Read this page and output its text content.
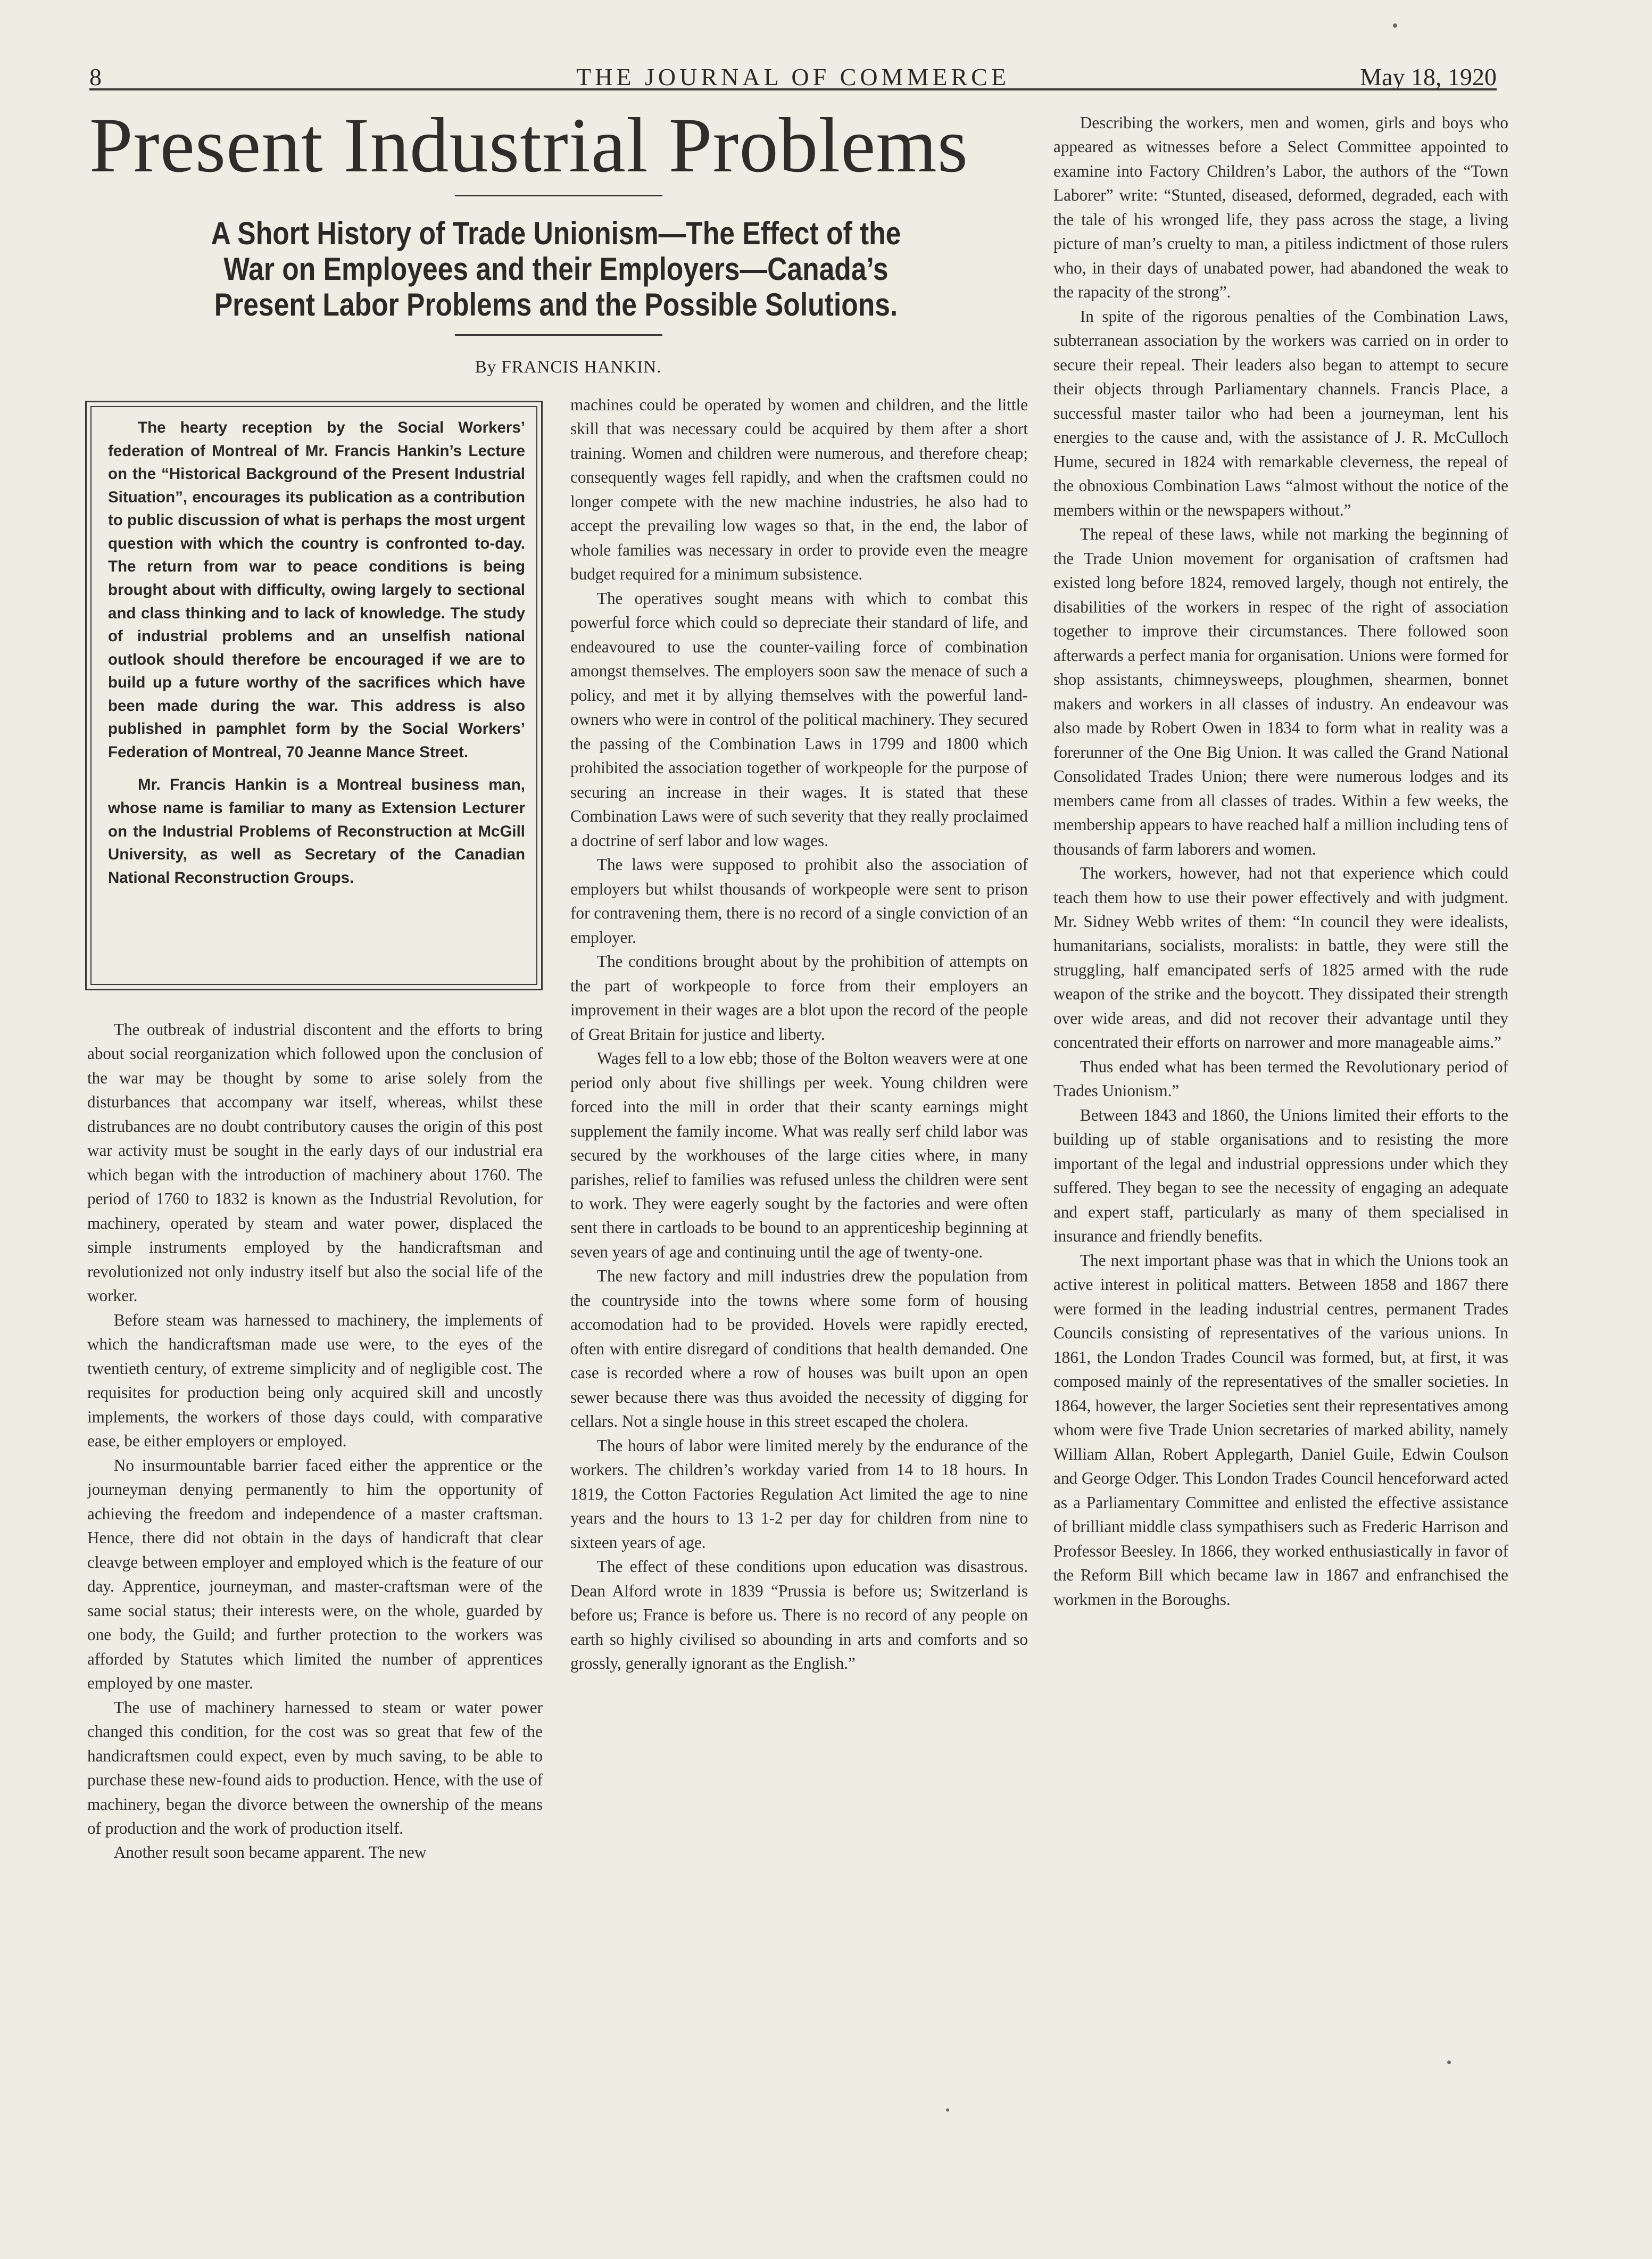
8	THE JOURNAL OF COMMERCE	May 18, 1920
Present Industrial Problems
A Short History of Trade Unionism—The Effect of the War on Employees and their Employers—Canada’s Present Labor Problems and the Possible Solutions.
By FRANCIS HANKIN.

The hearty reception by the Social Workers’ federation of Montreal of Mr. Francis Hankin’s Lecture on the “Historical Background of the Present Industrial Situation”, encourages its publication as a contribution to public discussion of what is perhaps the most urgent question with which the country is confronted to-day. The return from war to peace conditions is being brought about with difficulty, owing largely to sectional and class thinking and to lack of knowledge. The study of industrial problems and an unselfish national outlook should therefore be encouraged if we are to build up a future worthy of the sacrifices which have been made during the war. This address is also published in pamphlet form by the Social Workers’ Federation of Montreal, 70 Jeanne Mance Street.

Mr. Francis Hankin is a Montreal business man, whose name is familiar to many as Extension Lecturer on the Industrial Problems of Reconstruction at McGill University, as well as Secretary of the Canadian National Reconstruction Groups.

The outbreak of industrial discontent and the efforts to bring about social reorganization which followed upon the conclusion of the war may be thought by some to arise solely from the disturbances that accompany war itself, whereas, whilst these distrubances are no doubt contributory causes the origin of this post war activity must be sought in the early days of our industrial era which began with the introduction of machinery about 1760. The period of 1760 to 1832 is known as the Industrial Revolution, for machinery, operated by steam and water power, displaced the simple instruments employed by the handicraftsman and revolutionized not only industry itself but also the social life of the worker.

Before steam was harnessed to machinery, the implements of which the handicraftsman made use were, to the eyes of the twentieth century, of extreme simplicity and of negligible cost. The requisites for production being only acquired skill and uncostly implements, the workers of those days could, with comparative ease, be either employers or employed.

No insurmountable barrier faced either the apprentice or the journeyman denying permanently to him the opportunity of achieving the freedom and independence of a master craftsman. Hence, there did not obtain in the days of handicraft that clear cleavge between employer and employed which is the feature of our day. Apprentice, journeyman, and master-craftsman were of the same social status; their interests were, on the whole, guarded by one body, the Guild; and further protection to the workers was afforded by Statutes which limited the number of apprentices employed by one master.

The use of machinery harnessed to steam or water power changed this condition, for the cost was so great that few of the handicraftsmen could expect, even by much saving, to be able to purchase these new-found aids to production. Hence, with the use of machinery, began the divorce between the ownership of the means of production and the work of production itself.

Another result soon became apparent. The new

machines could be operated by women and children, and the little skill that was necessary could be acquired by them after a short training. Women and children were numerous, and therefore cheap; consequently wages fell rapidly, and when the craftsmen could no longer compete with the new machine industries, he also had to accept the prevailing low wages so that, in the end, the labor of whole families was necessary in order to provide even the meagre budget required for a minimum subsistence.

The operatives sought means with which to combat this powerful force which could so depreciate their standard of life, and endeavoured to use the counter-vailing force of combination amongst themselves. The employers soon saw the menace of such a policy, and met it by allying themselves with the powerful land-owners who were in control of the political machinery. They secured the passing of the Combination Laws in 1799 and 1800 which prohibited the association together of workpeople for the purpose of securing an increase in their wages. It is stated that these Combination Laws were of such severity that they really proclaimed a doctrine of serf labor and low wages.

The laws were supposed to prohibit also the association of employers but whilst thousands of workpeople were sent to prison for contravening them, there is no record of a single conviction of an employer.

The conditions brought about by the prohibition of attempts on the part of workpeople to force from their employers an improvement in their wages are a blot upon the record of the people of Great Britain for justice and liberty.

Wages fell to a low ebb; those of the Bolton weavers were at one period only about five shillings per week. Young children were forced into the mill in order that their scanty earnings might supplement the family income. What was really serf child labor was secured by the workhouses of the large cities where, in many parishes, relief to families was refused unless the children were sent to work. They were eagerly sought by the factories and were often sent there in cartloads to be bound to an apprenticeship beginning at seven years of age and continuing until the age of twenty-one.

The new factory and mill industries drew the population from the countryside into the towns where some form of housing accomodation had to be provided. Hovels were rapidly erected, often with entire disregard of conditions that health demanded. One case is recorded where a row of houses was built upon an open sewer because there was thus avoided the necessity of digging for cellars. Not a single house in this street escaped the cholera.

The hours of labor were limited merely by the endurance of the workers. The children’s workday varied from 14 to 18 hours. In 1819, the Cotton Factories Regulation Act limited the age to nine years and the hours to 13 1-2 per day for children from nine to sixteen years of age.

The effect of these conditions upon education was disastrous. Dean Alford wrote in 1839 “Prussia is before us; Switzerland is before us; France is before us. There is no record of any people on earth so highly civilised so abounding in arts and comforts and so grossly, generally ignorant as the English.”

Describing the workers, men and women, girls and boys who appeared as witnesses before a Select Committee appointed to examine into Factory Children’s Labor, the authors of the “Town Laborer” write: “Stunted, diseased, deformed, degraded, each with the tale of his wronged life, they pass across the stage, a living picture of man’s cruelty to man, a pitiless indictment of those rulers who, in their days of unabated power, had abandoned the weak to the rapacity of the strong”.

In spite of the rigorous penalties of the Combination Laws, subterranean association by the workers was carried on in order to secure their repeal. Their leaders also began to attempt to secure their objects through Parliamentary channels. Francis Place, a successful master tailor who had been a journeyman, lent his energies to the cause and, with the assistance of J. R. McCulloch Hume, secured in 1824 with remarkable cleverness, the repeal of the obnoxious Combination Laws “almost without the notice of the members within or the newspapers without.”

The repeal of these laws, while not marking the beginning of the Trade Union movement for organisation of craftsmen had existed long before 1824, removed largely, though not entirely, the disabilities of the workers in respec of the right of association together to improve their circumstances. There followed soon afterwards a perfect mania for organisation. Unions were formed for shop assistants, chimneysweeps, ploughmen, shearmen, bonnet makers and workers in all classes of industry. An endeavour was also made by Robert Owen in 1834 to form what in reality was a forerunner of the One Big Union. It was called the Grand National Consolidated Trades Union; there were numerous lodges and its members came from all classes of trades. Within a few weeks, the membership appears to have reached half a million including tens of thousands of farm laborers and women.

The workers, however, had not that experience which could teach them how to use their power effectively and with judgment. Mr. Sidney Webb writes of them: “In council they were idealists, humanitarians, socialists, moralists: in battle, they were still the struggling, half emancipated serfs of 1825 armed with the rude weapon of the strike and the boycott. They dissipated their strength over wide areas, and did not recover their advantage until they concentrated their efforts on narrower and more manageable aims.”

Thus ended what has been termed the Revolutionary period of Trades Unionism.”

Between 1843 and 1860, the Unions limited their efforts to the building up of stable organisations and to resisting the more important of the legal and industrial oppressions under which they suffered. They began to see the necessity of engaging an adequate and expert staff, particularly as many of them specialised in insurance and friendly benefits.

The next important phase was that in which the Unions took an active interest in political matters. Between 1858 and 1867 there were formed in the leading industrial centres, permanent Trades Councils consisting of representatives of the various unions. In 1861, the London Trades Council was formed, but, at first, it was composed mainly of the representatives of the smaller societies. In 1864, however, the larger Societies sent their representatives among whom were five Trade Union secretaries of marked ability, namely William Allan, Robert Applegarth, Daniel Guile, Edwin Coulson and George Odger. This London Trades Council henceforward acted as a Parliamentary Committee and enlisted the effective assistance of brilliant middle class sympathisers such as Frederic Harrison and Professor Beesley. In 1866, they worked enthusiastically in favor of the Reform Bill which became law in 1867 and enfranchised the workmen in the Boroughs.
